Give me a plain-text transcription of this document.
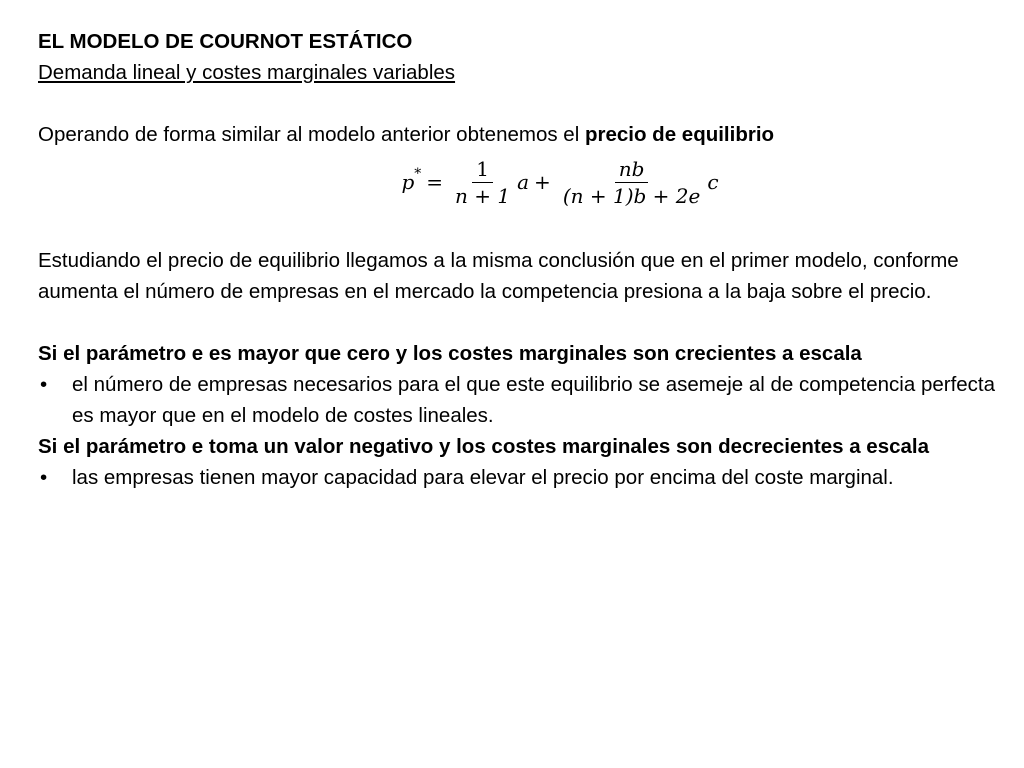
EL MODELO DE COURNOT ESTÁTICO

Demanda lineal y costes marginales variables

Operando de forma similar al modelo anterior obtenemos el precio de equilibrio

p * = $\frac{1}{n + 1}$ $a + \frac{nb}{(n + 1)b + 2e}$ c

Estudiando el precio de equilibrio llegamos a la misma conclusión que en el primer modelo, conforme aumenta el número de empresas en el mercado la competencia presiona a la baja sobre el precio.

Si el parámetro e es mayor que cero y los costes marginales son crecientes a escala

• el número de empresas necesarios para el que este equilibrio se asemeje al de competencia perfecta es mayor que en el modelo de costes lineales.

Si el parámetro e toma un valor negativo y los costes marginales son decrecientes a escala

• las empresas tienen mayor capacidad para elevar el precio por encima del coste marginal.
